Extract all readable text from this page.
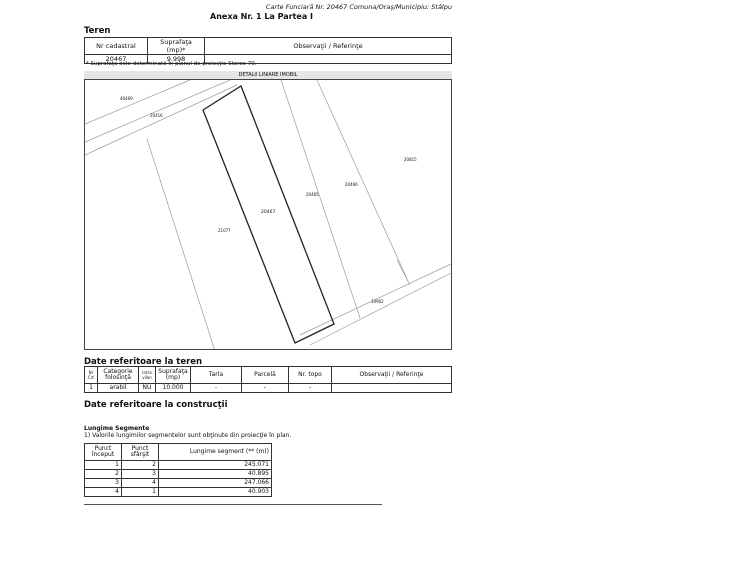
Carte Funciară Nr. 20467 Comuna/Oraş/Municipiu: Stâlpu
Anexa Nr. 1 La Partea I
Teren
Nr cadastral	Suprafaţa (mp)*	Observaţii / Referinţe
20467	9.998	
* Suprafaţa este determinată în planul de proiecţie Stereo 70.
DETALII LINIARE IMOBIL
46469
20416
21077
20467
20465
20466
20815
14902
Date referitoare la teren
Nr Crt	Categorie folosinţă	Intra vilan	Suprafaţa (mp)	Tarla	Parcelă	Nr. topo	Observaţii / Referinţe
1	arabil	NU	10.000	-	-	-	
Date referitoare la construcţii
Lungime Segmente
1) Valorile lungimilor segmentelor sunt obţinute din proiecţie în plan.
Punct început	Punct sfârşit	Lungime segment (** (m))
1	2	245.071
2	3	40.895
3	4	247.066
4	1	40.903
